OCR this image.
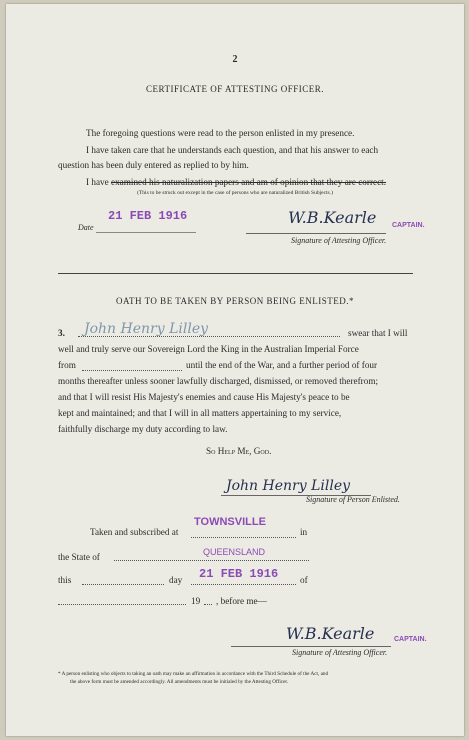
2
CERTIFICATE OF ATTESTING OFFICER.
The foregoing questions were read to the person enlisted in my presence.
I have taken care that he understands each question, and that his answer to each
question has been duly entered as replied to by him.
I have examined his naturalization papers and am of opinion that they are correct.
(This to be struck out except in the case of persons who are naturalized British Subjects.)
Date
21 FEB 1916	W.B.Kearle CAPTAIN.
Signature of Attesting Officer.
OATH TO BE TAKEN BY PERSON BEING ENLISTED.*
3. John Henry Lilley	swear that I will
well and truly serve our Sovereign Lord the King in the Australian Imperial Force
from	until the end of the War, and a further period of four
months thereafter unless sooner lawfully discharged, dismissed, or removed therefrom;
and that I will resist His Majesty's enemies and cause His Majesty's peace to be
kept and maintained; and that I will in all matters appertaining to my service,
faithfully discharge my duty according to law.
So Help Me, God.
John Henry Lilley
Signature of Person Enlisted.
Taken and subscribed at
TOWNSVILLE
in
the State of	QUEENSLAND
this	day 21 FEB 1916 of
19 , before me—
W.B.Kearle	CAPTAIN.
Signature of Attesting Officer.
* A person enlisting who objects to taking an oath may make an affirmation in accordance with the Third Schedule of the Act, and
the above form must be amended accordingly. All amendments must be initialed by the Attesting Officer.
